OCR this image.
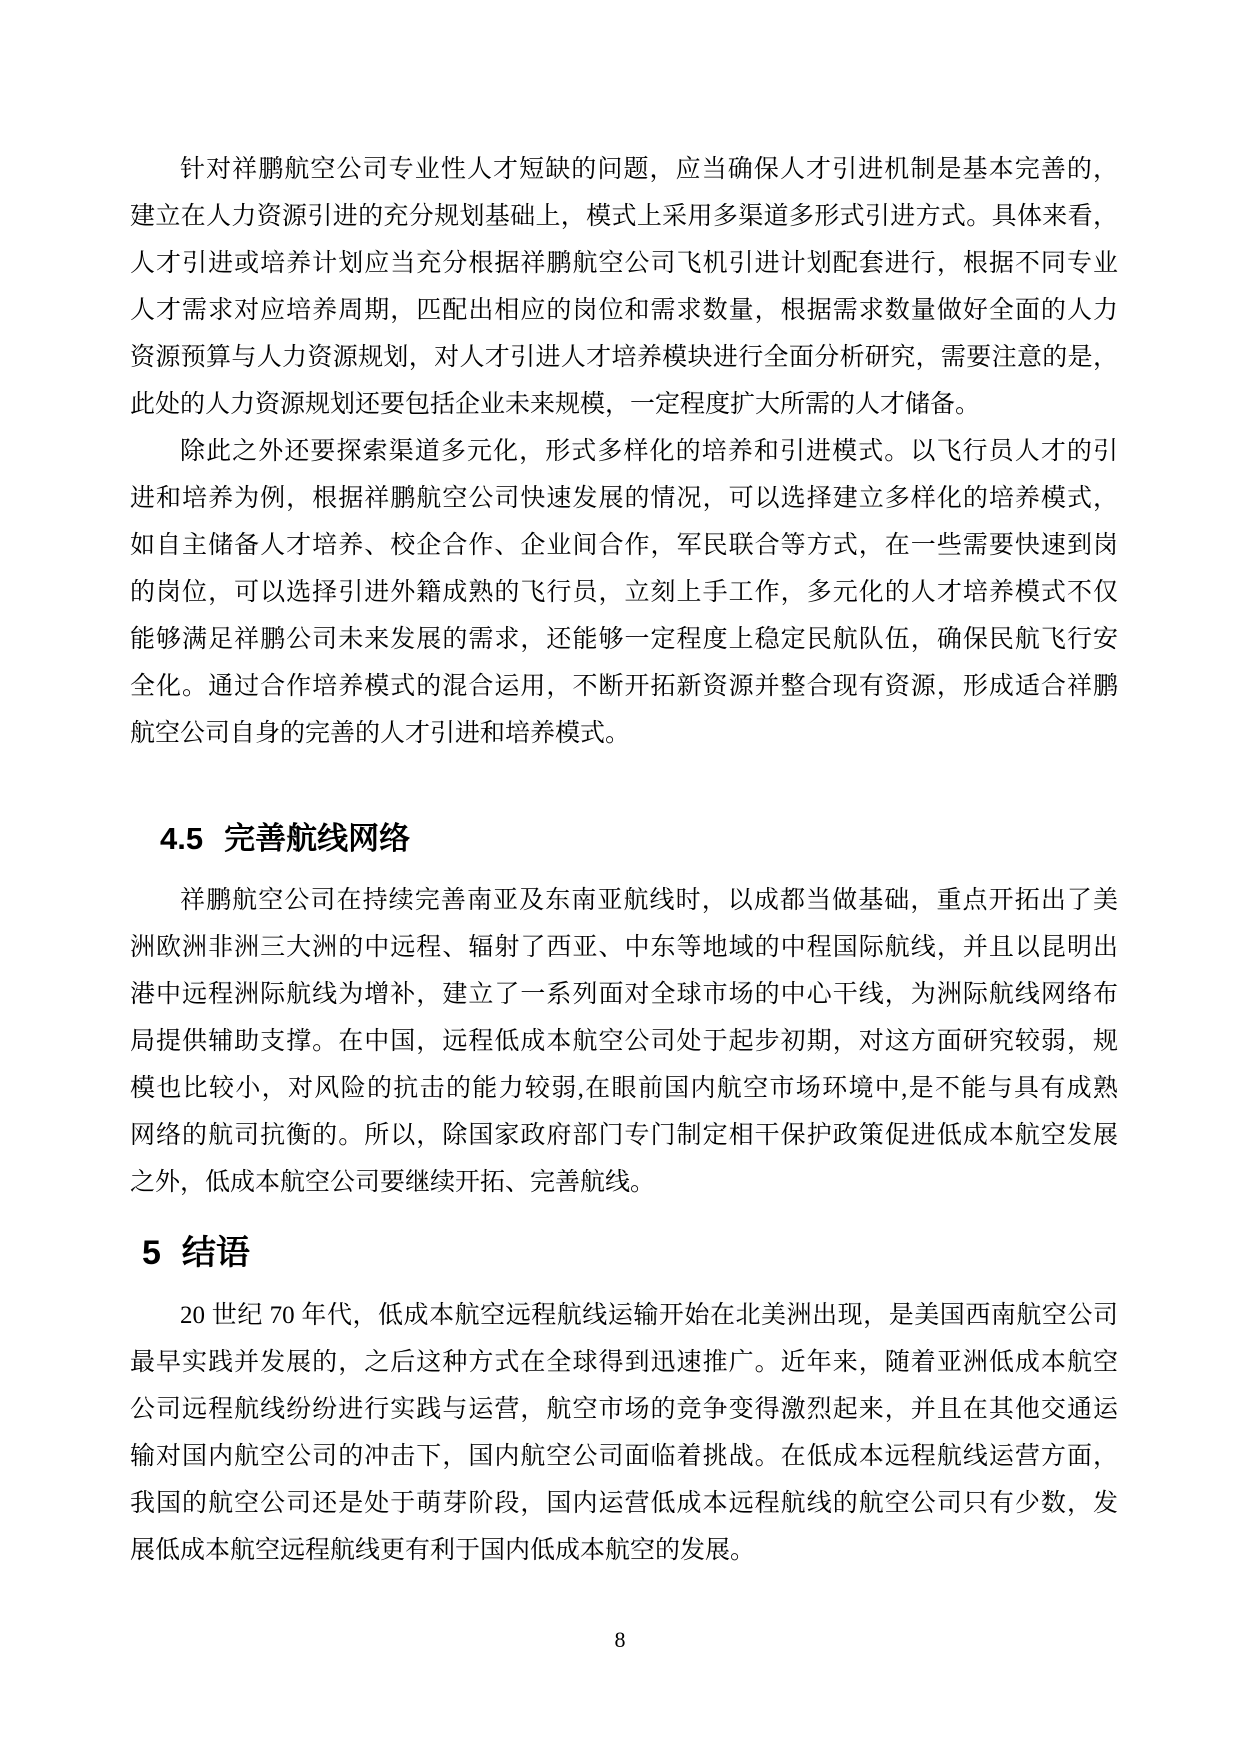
针对祥鹏航空公司专业性人才短缺的问题，应当确保人才引进机制是基本完善的，
建立在人力资源引进的充分规划基础上，模式上采用多渠道多形式引进方式。具体来看，
人才引进或培养计划应当充分根据祥鹏航空公司飞机引进计划配套进行，根据不同专业
人才需求对应培养周期，匹配出相应的岗位和需求数量，根据需求数量做好全面的人力
资源预算与人力资源规划，对人才引进人才培养模块进行全面分析研究，需要注意的是，
此处的人力资源规划还要包括企业未来规模，一定程度扩大所需的人才储备。
除此之外还要探索渠道多元化，形式多样化的培养和引进模式。以飞行员人才的引
进和培养为例，根据祥鹏航空公司快速发展的情况，可以选择建立多样化的培养模式，
如自主储备人才培养、校企合作、企业间合作，军民联合等方式，在一些需要快速到岗
的岗位，可以选择引进外籍成熟的飞行员，立刻上手工作，多元化的人才培养模式不仅
能够满足祥鹏公司未来发展的需求，还能够一定程度上稳定民航队伍，确保民航飞行安
全化。通过合作培养模式的混合运用，不断开拓新资源并整合现有资源，形成适合祥鹏
航空公司自身的完善的人才引进和培养模式。
4.5 完善航线网络
祥鹏航空公司在持续完善南亚及东南亚航线时，以成都当做基础，重点开拓出了美
洲欧洲非洲三大洲的中远程、辐射了西亚、中东等地域的中程国际航线，并且以昆明出
港中远程洲际航线为增补，建立了一系列面对全球市场的中心干线，为洲际航线网络布
局提供辅助支撑。在中国，远程低成本航空公司处于起步初期，对这方面研究较弱，规
模也比较小，对风险的抗击的能力较弱,在眼前国内航空市场环境中,是不能与具有成熟
网络的航司抗衡的。所以，除国家政府部门专门制定相干保护政策促进低成本航空发展
之外，低成本航空公司要继续开拓、完善航线。
5 结语
20 世纪 70 年代，低成本航空远程航线运输开始在北美洲出现，是美国西南航空公司
最早实践并发展的，之后这种方式在全球得到迅速推广。近年来，随着亚洲低成本航空
公司远程航线纷纷进行实践与运营，航空市场的竞争变得激烈起来，并且在其他交通运
输对国内航空公司的冲击下，国内航空公司面临着挑战。在低成本远程航线运营方面，
我国的航空公司还是处于萌芽阶段，国内运营低成本远程航线的航空公司只有少数，发
展低成本航空远程航线更有利于国内低成本航空的发展。
8
